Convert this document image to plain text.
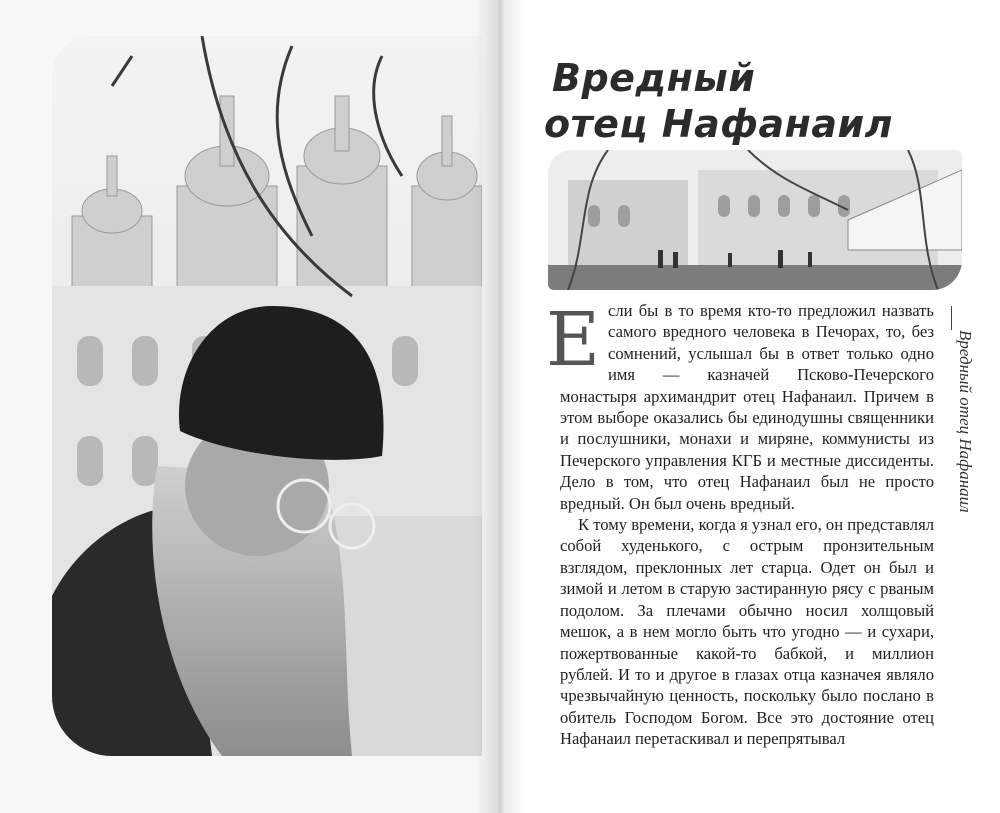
Вредный
отец Нафанаил

Е сли бы в то время кто-то предложил назвать самого вредного человека в Печорах, то, без сомнений, услышал бы в ответ только одно имя — казначей Псково-Печерского монастыря архимандрит отец Нафанаил. Причем в этом выборе оказались бы единодушны священники и послушники, монахи и миряне, коммунисты из Печерского управления КГБ и местные диссиденты. Дело в том, что отец Нафанаил был не просто вредный. Он был очень вредный.

К тому времени, когда я узнал его, он представлял собой худенького, с острым пронзительным взглядом, преклонных лет старца. Одет он был и зимой и летом в старую застиранную рясу с рваным подолом. За плечами обычно носил холщовый мешок, а в нем могло быть что угодно — и сухари, пожертвованные какой-то бабкой, и миллион рублей. И то и другое в глазах отца казначея являло чрезвычайную ценность, поскольку было послано в обитель Господом Богом. Все это достояние отец Нафанаил перетаскивал и перепрятывал

Вредный отец Нафанаил
